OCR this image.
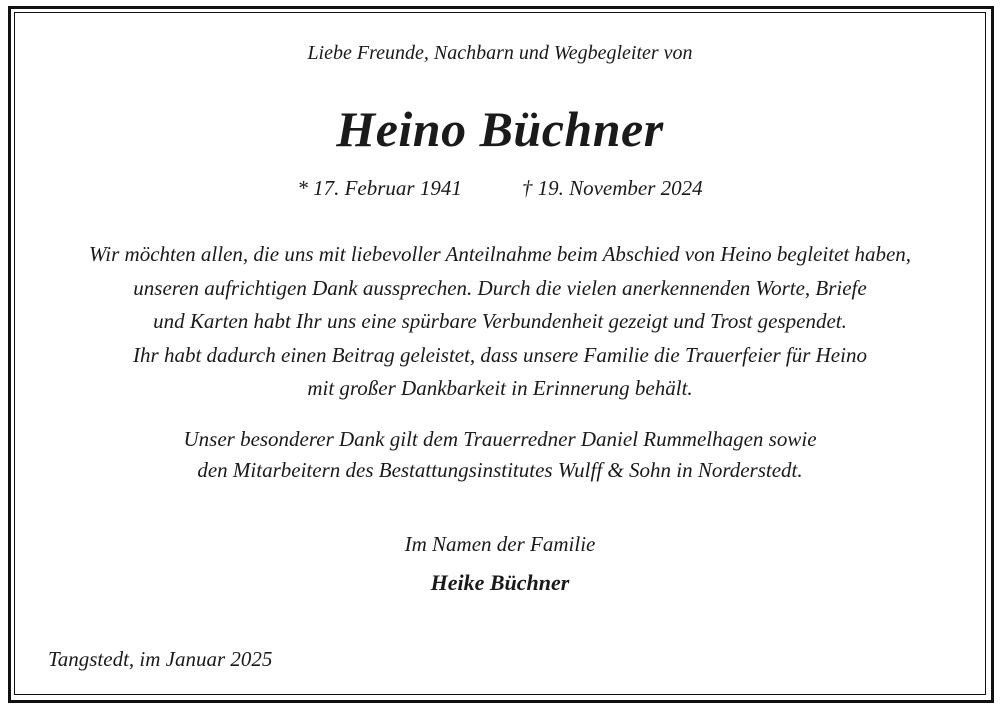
Liebe Freunde, Nachbarn und Wegbegleiter von
Heino Büchner
* 17. Februar 1941	† 19. November 2024
Wir möchten allen, die uns mit liebevoller Anteilnahme beim Abschied von Heino begleitet haben,
unseren aufrichtigen Dank aussprechen. Durch die vielen anerkennenden Worte, Briefe
und Karten habt Ihr uns eine spürbare Verbundenheit gezeigt und Trost gespendet.
Ihr habt dadurch einen Beitrag geleistet, dass unsere Familie die Trauerfeier für Heino
mit großer Dankbarkeit in Erinnerung behält.
Unser besonderer Dank gilt dem Trauerredner Daniel Rummelhagen sowie
den Mitarbeitern des Bestattungsinstitutes Wulff & Sohn in Norderstedt.
Im Namen der Familie
Heike Büchner
Tangstedt, im Januar 2025
